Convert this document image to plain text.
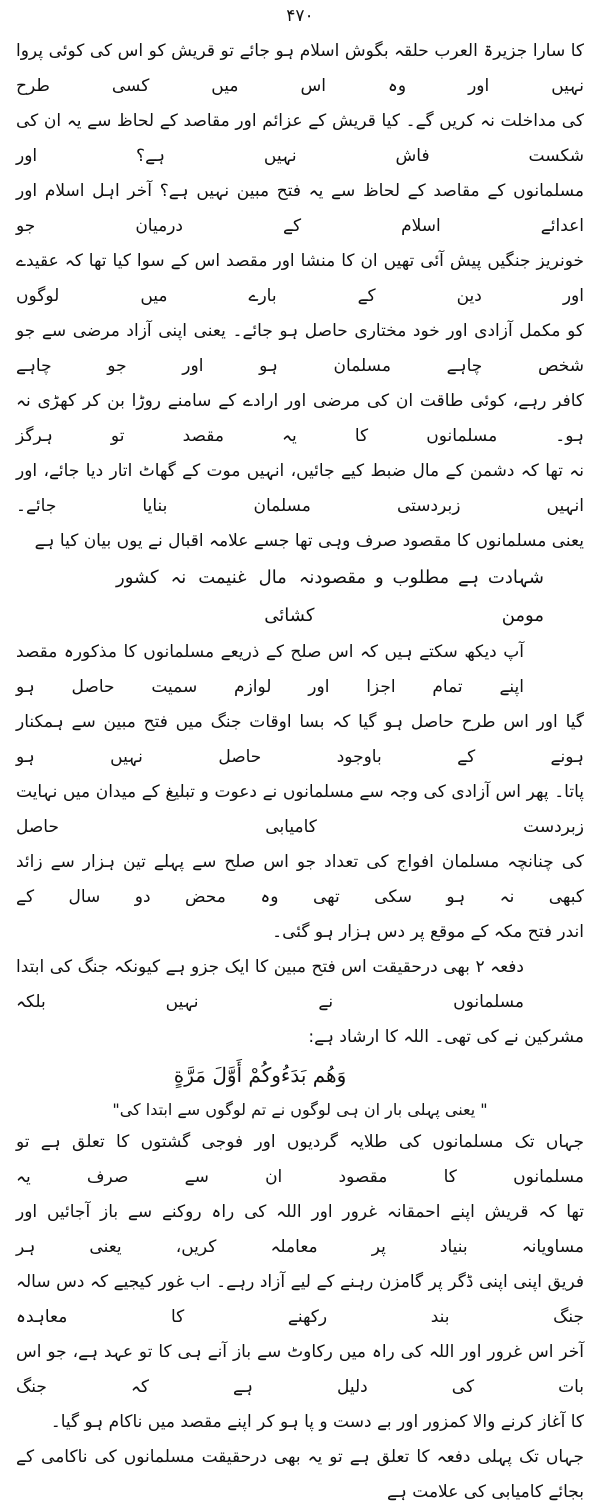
۴۷۰
کا سارا جزیرۃ العرب حلقہ بگوش اسلام ہو جائے تو قریش کو اس کی کوئی پروا نہیں اور وہ اس میں کسی طرح
کی مداخلت نہ کریں گے۔ کیا قریش کے عزائم اور مقاصد کے لحاظ سے یہ ان کی شکست فاش نہیں ہے؟ اور
مسلمانوں کے مقاصد کے لحاظ سے یہ فتح مبین نہیں ہے؟ آخر اہل اسلام اور اعدائے اسلام کے درمیان جو
خونریز جنگیں پیش آئی تھیں ان کا منشا اور مقصد اس کے سوا کیا تھا کہ عقیدے اور دین کے بارے میں لوگوں
کو مکمل آزادی اور خود مختاری حاصل ہو جائے۔ یعنی اپنی آزاد مرضی سے جو شخص چاہے مسلمان ہو اور جو چاہے
کافر رہے، کوئی طاقت ان کی مرضی اور ارادے کے سامنے روڑا بن کر کھڑی نہ ہو۔ مسلمانوں کا یہ مقصد تو ہرگز
نہ تھا کہ دشمن کے مال ضبط کیے جائیں، انہیں موت کے گھاٹ اتار دیا جائے، اور انہیں زبردستی مسلمان بنایا جائے۔
یعنی مسلمانوں کا مقصود صرف وہی تھا جسے علامہ اقبال نے یوں بیان کیا ہے
شہادت ہے مطلوب و مقصود مومن
نہ مال غنیمت نہ کشور کشائی
آپ دیکھ سکتے ہیں کہ اس صلح کے ذریعے مسلمانوں کا مذکورہ مقصد اپنے تمام اجزا اور لوازم سمیت حاصل ہو
گیا اور اس طرح حاصل ہو گیا کہ بسا اوقات جنگ میں فتح مبین سے ہمکنار ہونے کے باوجود حاصل نہیں ہو
پاتا۔ پھر اس آزادی کی وجہ سے مسلمانوں نے دعوت و تبلیغ کے میدان میں نہایت زبردست کامیابی حاصل
کی چنانچہ مسلمان افواج کی تعداد جو اس صلح سے پہلے تین ہزار سے زائد کبھی نہ ہو سکی تھی وہ محض دو سال کے
اندر فتح مکہ کے موقع پر دس ہزار ہو گئی۔
دفعہ ۲ بھی درحقیقت اس فتح مبین کا ایک جزو ہے کیونکہ جنگ کی ابتدا مسلمانوں نے نہیں بلکہ
مشرکین نے کی تھی۔ اللہ کا ارشاد ہے:
وَهُم بَدَءُوكُمْ أَوَّلَ مَرَّةٍ
" یعنی پہلی بار ان ہی لوگوں نے تم لوگوں سے ابتدا کی"
جہاں تک مسلمانوں کی طلایہ گردیوں اور فوجی گشتوں کا تعلق ہے تو مسلمانوں کا مقصود ان سے صرف یہ
تھا کہ قریش اپنے احمقانہ غرور اور اللہ کی راہ روکنے سے باز آجائیں اور مساویانہ بنیاد پر معاملہ کریں، یعنی ہر
فریق اپنی اپنی ڈگر پر گامزن رہنے کے لیے آزاد رہے۔ اب غور کیجیے کہ دس سالہ جنگ بند رکھنے کا معاہدہ
آخر اس غرور اور اللہ کی راہ میں رکاوٹ سے باز آنے ہی کا تو عہد ہے، جو اس بات کی دلیل ہے کہ جنگ
کا آغاز کرنے والا کمزور اور بے دست و پا ہو کر اپنے مقصد میں ناکام ہو گیا۔
جہاں تک پہلی دفعہ کا تعلق ہے تو یہ بھی درحقیقت مسلمانوں کی ناکامی کے بجائے کامیابی کی علامت ہے
